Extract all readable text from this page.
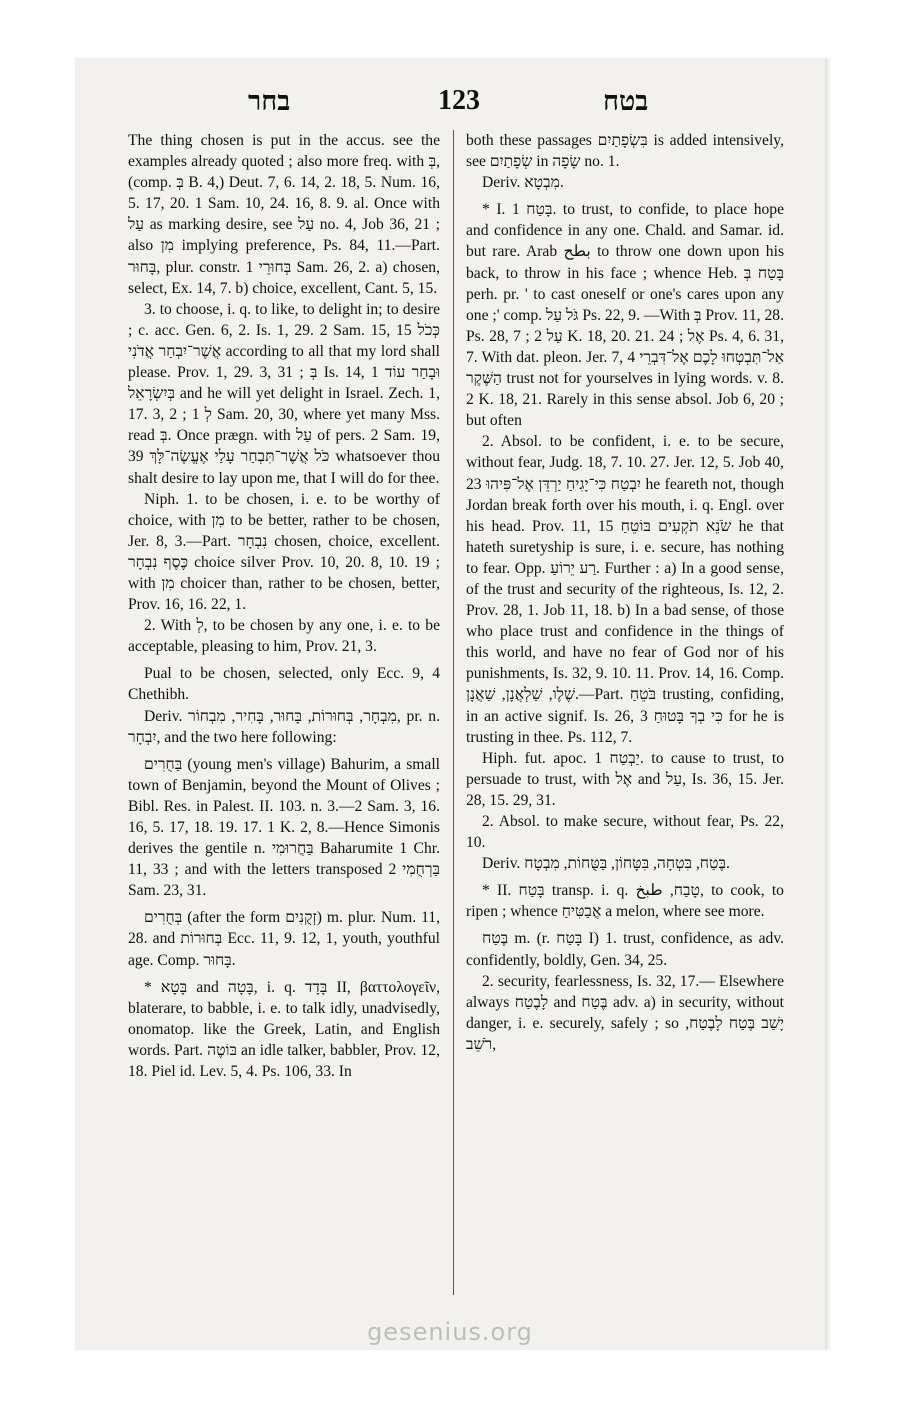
בחר	123	בטח

The thing chosen is put in the accus. see the examples already quoted ; also more freq. with בְּ, (comp. בְּ B. 4,) Deut. 7, 6. 14, 2. 18, 5. Num. 16, 5. 17, 20. 1 Sam. 10, 24. 16, 8. 9. al. Once with עַל as marking desire, see עַל no. 4, Job 36, 21 ; also מִן implying preference, Ps. 84, 11.—Part. בָּחוּר, plur. constr. בְּחוּרֵי 1 Sam. 26, 2. a) chosen, select, Ex. 14, 7. b) choice, excellent, Cant. 5, 15.

3. to choose, i. q. to like, to delight in; to desire ; c. acc. Gen. 6, 2. Is. 1, 29. 2 Sam. 15, 15 כְּכֹל אֲשֶׁר־יִבְחַר אֲדֹנִי according to all that my lord shall please. Prov. 1, 29. 3, 31 ; בְּ Is. 14, 1 וּבָחַר עוֹד בְּיִשְׂרָאֵל and he will yet delight in Israel. Zech. 1, 17. 3, 2 ; לְ 1 Sam. 20, 30, where yet many Mss. read בְּ. Once prægn. with עַל of pers. 2 Sam. 19, 39 כֹּל אֲשֶׁר־תִּבְחַר עָלַי אֶעֱשֶׂה־לָּךְ whatsoever thou shalt desire to lay upon me, that I will do for thee.

Niph. 1. to be chosen, i. e. to be worthy of choice, with מִן to be better, rather to be chosen, Jer. 8, 3.—Part. נִבְחָר chosen, choice, excellent. כֶּסֶף נִבְחָר choice silver Prov. 10, 20. 8, 10. 19 ; with מִן choicer than, rather to be chosen, better, Prov. 16, 16. 22, 1.

2. With לְ, to be chosen by any one, i. e. to be acceptable, pleasing to him, Prov. 21, 3.

Pual to be chosen, selected, only Ecc. 9, 4 Chethibh.

Deriv. מִבְחָר, בְּחוּרוֹת, בָּחוּר, בָּחִיר, מִבְחוֹר, pr. n. יִבְחָר, and the two here following:

בַּחֻרִים (young men's village) Bahurim, a small town of Benjamin, beyond the Mount of Olives ; Bibl. Res. in Palest. II. 103. n. 3.—2 Sam. 3, 16. 16, 5. 17, 18. 19. 17. 1 K. 2, 8.—Hence Simonis derives the gentile n. בַּחֲרוּמִי Baharumite 1 Chr. 11, 33 ; and with the letters transposed בַּרְחֻמִי 2 Sam. 23, 31.

בְּחֻרִים (after the form זְקֻנִים) m. plur. Num. 11, 28. and בְּחוּרוֹת Ecc. 11, 9. 12, 1, youth, youthful age. Comp. בָּחוּר.

* בָּטָא and בָּטָה, i. q. בָּדָד II, βαττολογεῖν, blaterare, to babble, i. e. to talk idly, unadvisedly, onomatop. like the Greek, Latin, and English words. Part. בּוֹטֶה an idle talker, babbler, Prov. 12, 18. Piel id. Lev. 5, 4. Ps. 106, 33. In

both these passages בִּשְׂפָתַיִם is added intensively, see שְׂפָתַיִם in שָׂפָה no. 1.

Deriv. מִבְטָא.

* I. בָּטַח 1. to trust, to confide, to place hope and confidence in any one. Chald. and Samar. id. but rare. Arab بطح to throw one down upon his back, to throw in his face ; whence Heb. בָּטַח בְּ perh. pr. ' to cast oneself or one's cares upon any one ;' comp. גֹּל עַל Ps. 22, 9. —With בְּ Prov. 11, 28. Ps. 28, 7 ; עַל 2 K. 18, 20. 21. 24 ; אֶל Ps. 4, 6. 31, 7. With dat. pleon. Jer. 7, 4 אַל־תִּבְטְחוּ לָכֶם אֶל־דִּבְרֵי הַשֶּׁקֶר trust not for yourselves in lying words. v. 8. 2 K. 18, 21. Rarely in this sense absol. Job 6, 20 ; but often

2. Absol. to be confident, i. e. to be secure, without fear, Judg. 18, 7. 10. 27. Jer. 12, 5. Job 40, 23 יִבְטַח כִּי־יָגִיחַ יַרְדֵּן אֶל־פִּיהוּ he feareth not, though Jordan break forth over his mouth, i. q. Engl. over his head. Prov. 11, 15 שֹׂנֵא תֹקְעִים בּוֹטֵחַ he that hateth suretyship is sure, i. e. secure, has nothing to fear. Opp. רַע יֵרוֹעַ. Further : a) In a good sense, of the trust and security of the righteous, Is. 12, 2. Prov. 28, 1. Job 11, 18. b) In a bad sense, of those who place trust and confidence in the things of this world, and have no fear of God nor of his punishments, Is. 32, 9. 10. 11. Prov. 14, 16. Comp. שֶׁלֶו, שַׁלְאֲנָן, שַׁאֲנָן.—Part. בֹּטֵחַ trusting, confiding, in an active signif. Is. 26, 3 כִּי בְךָ בָּטוּחַ for he is trusting in thee. Ps. 112, 7.

Hiph. fut. apoc. יַבְטַח 1. to cause to trust, to persuade to trust, with אֶל and עַל, Is. 36, 15. Jer. 28, 15. 29, 31.

2. Absol. to make secure, without fear, Ps. 22, 10.

Deriv. בֶּטַח, בִּטְחָה, בִּטָּחוֹן, בַּטֻּחוֹת, מִבְטָח.

* II. בָּטַח transp. i. q. טָבַח, طبخ, to cook, to ripen ; whence אֲבַטִּיחַ a melon, where see more.

בֶּטַח m. (r. בָּטַח I) 1. trust, confidence, as adv. confidently, boldly, Gen. 34, 25.

2. security, fearlessness, Is. 32, 17.— Elsewhere always לָבֶטַח and בֶּטַח adv. a) in security, without danger, i. e. securely, safely ; so יָשַׁב בֶּטַח לָבֶטַח, רֹשֵׁב,

gesenius.org
